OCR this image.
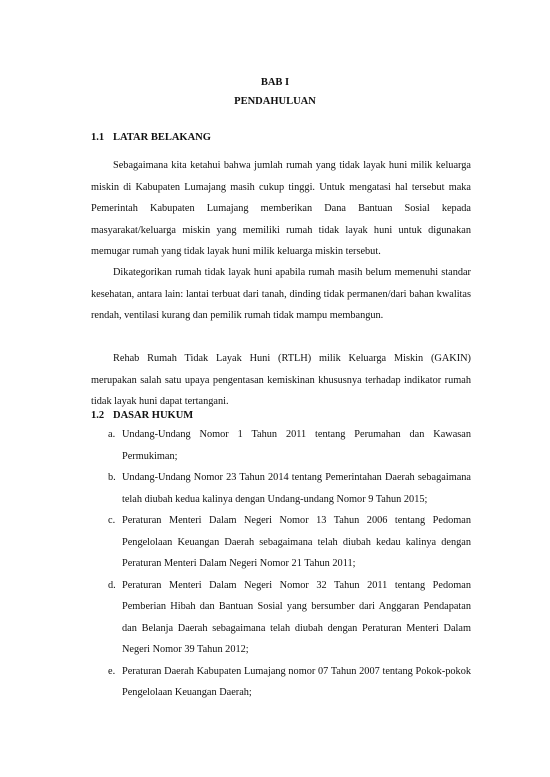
BAB I
PENDAHULUAN
1.1 LATAR BELAKANG

Sebagaimana kita ketahui bahwa jumlah rumah yang tidak layak huni milik keluarga miskin di Kabupaten Lumajang masih cukup tinggi. Untuk mengatasi hal tersebut maka Pemerintah Kabupaten Lumajang memberikan Dana Bantuan Sosial kepada masyarakat/keluarga miskin yang memiliki rumah tidak layak huni untuk digunakan memugar rumah yang tidak layak huni milik keluarga miskin tersebut.

Dikategorikan rumah tidak layak huni apabila rumah masih belum memenuhi standar kesehatan, antara lain: lantai terbuat dari tanah, dinding tidak permanen/dari bahan kwalitas rendah, ventilasi kurang dan pemilik rumah tidak mampu membangun.

Rehab Rumah Tidak Layak Huni (RTLH) milik Keluarga Miskin (GAKIN) merupakan salah satu upaya pengentasan kemiskinan khususnya terhadap indikator rumah tidak layak huni dapat tertangani.

1.2 DASAR HUKUM

a. Undang-Undang Nomor 1 Tahun 2011 tentang Perumahan dan Kawasan Permukiman;

b. Undang-Undang Nomor 23 Tahun 2014 tentang Pemerintahan Daerah sebagaimana telah diubah kedua kalinya dengan Undang-undang Nomor 9 Tahun 2015;

c. Peraturan Menteri Dalam Negeri Nomor 13 Tahun 2006 tentang Pedoman Pengelolaan Keuangan Daerah sebagaimana telah diubah kedau kalinya dengan Peraturan Menteri Dalam Negeri Nomor 21 Tahun 2011;

d. Peraturan Menteri Dalam Negeri Nomor 32 Tahun 2011 tentang Pedoman Pemberian Hibah dan Bantuan Sosial yang bersumber dari Anggaran Pendapatan dan Belanja Daerah sebagaimana telah diubah dengan Peraturan Menteri Dalam Negeri Nomor 39 Tahun 2012;

e. Peraturan Daerah Kabupaten Lumajang nomor 07 Tahun 2007 tentang Pokok-pokok Pengelolaan Keuangan Daerah;
